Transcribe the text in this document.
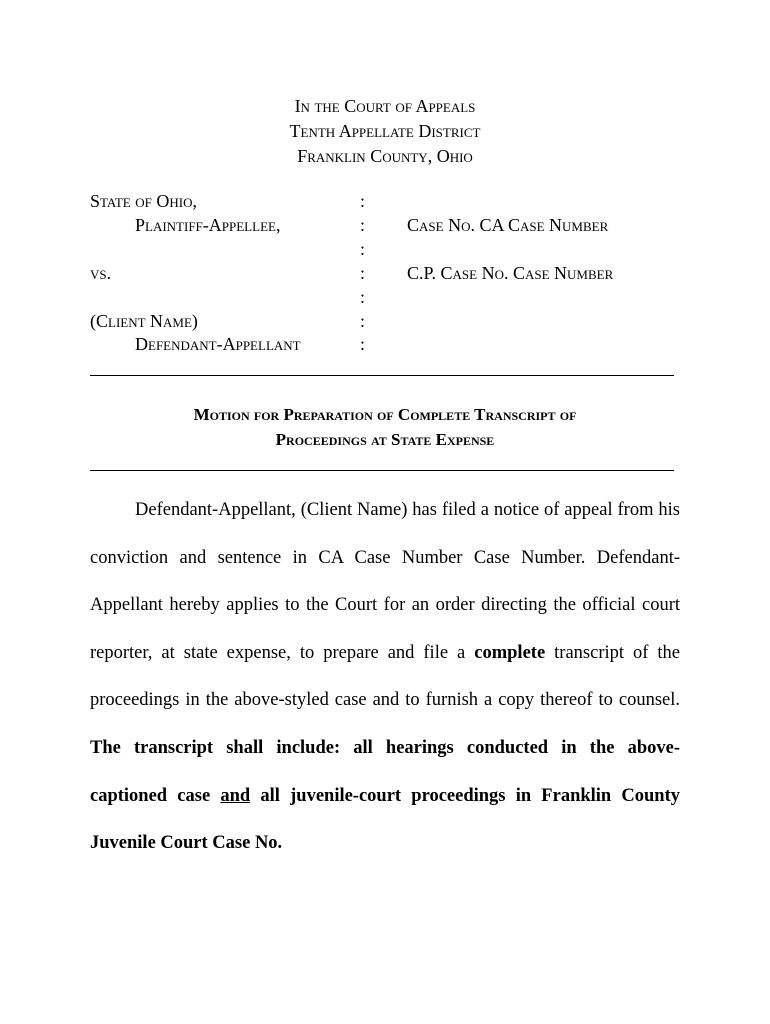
In the Court of Appeals
Tenth Appellate District
Franklin County, Ohio
State of Ohio,
Plaintiff-Appellee,
vs.
(Client Name)
Defendant-Appellant
:
:
:
:
:
:
:
Case No. CA Case Number
C.P. Case No. Case Number
Motion for Preparation of Complete Transcript of
Proceedings at State Expense

Defendant-Appellant, (Client Name) has filed a notice of appeal from his conviction and sentence in CA Case Number Case Number. Defendant-Appellant hereby applies to the Court for an order directing the official court reporter, at state expense, to prepare and file a complete transcript of the proceedings in the above-styled case and to furnish a copy thereof to counsel. The transcript shall include: all hearings conducted in the above-captioned case and all juvenile-court proceedings in Franklin County Juvenile Court Case No.
